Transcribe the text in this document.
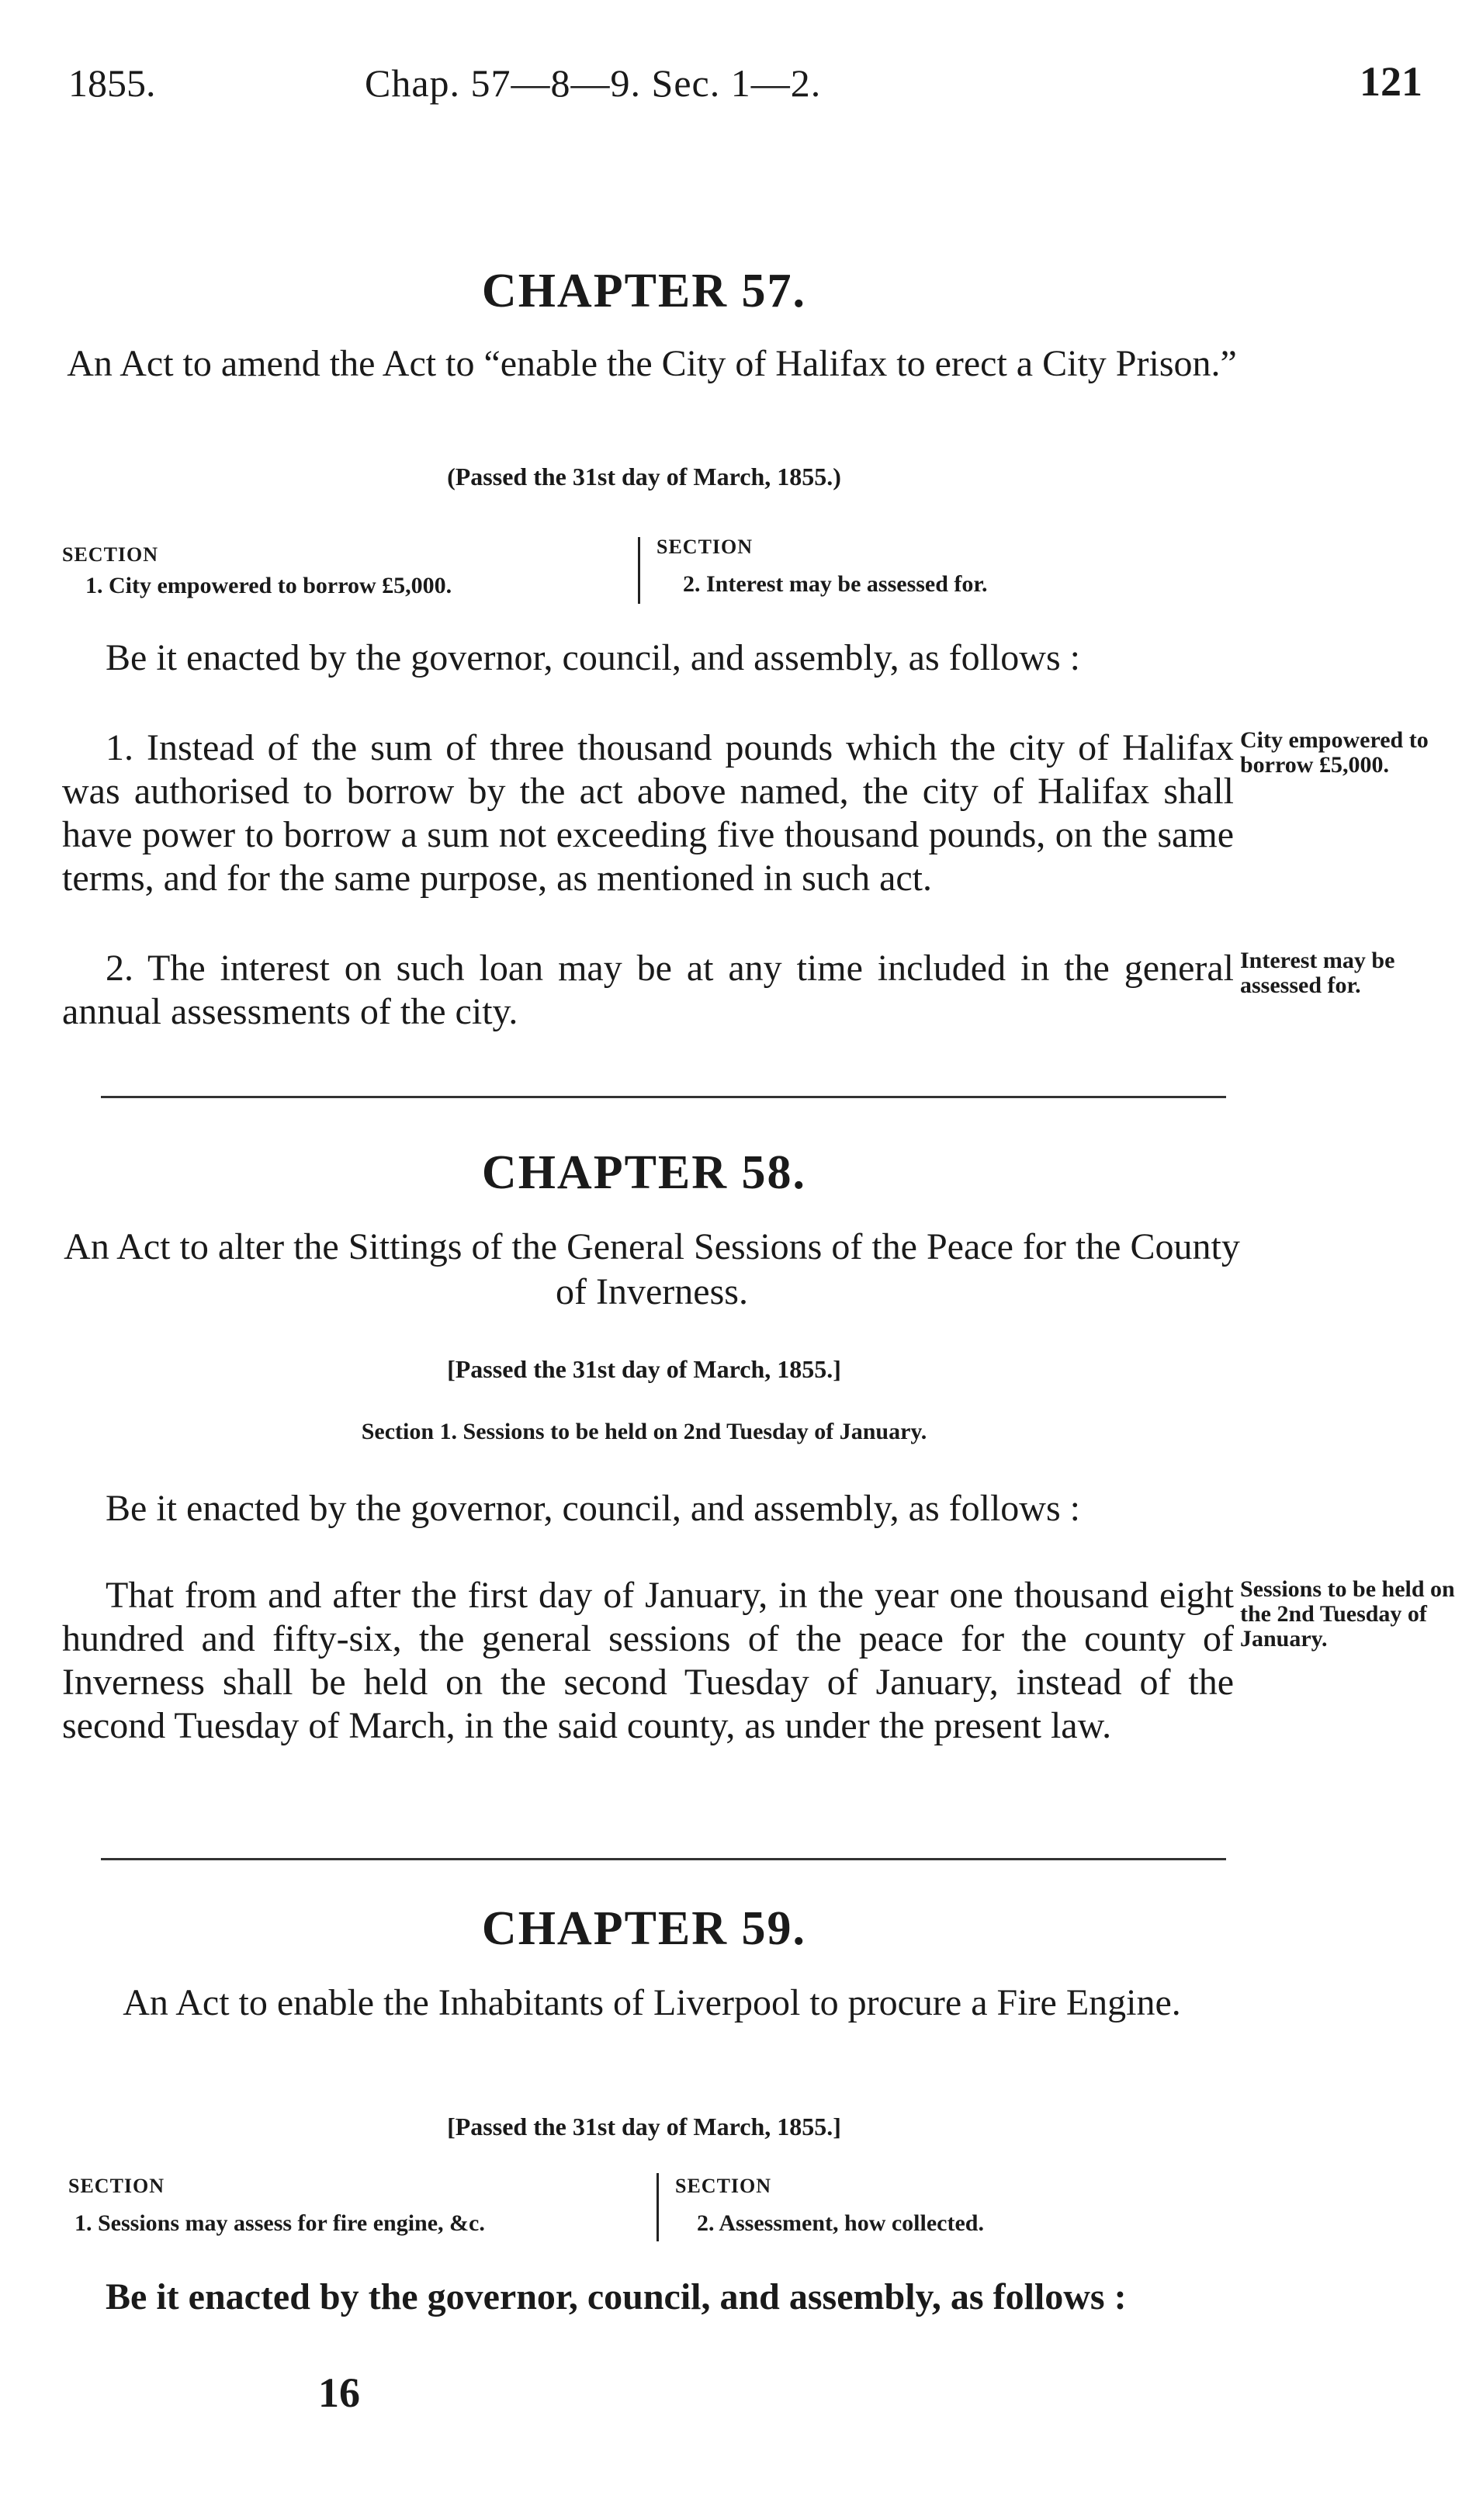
1855.	Chap. 57—8—9. Sec. 1—2.	121
CHAPTER 57.
An Act to amend the Act to “enable the City of Halifax to erect a City Prison.”
(Passed the 31st day of March, 1855.)
SECTION
1. City empowered to borrow £5,000.
SECTION
2. Interest may be assessed for.
Be it enacted by the governor, council, and assembly, as follows :
1. Instead of the sum of three thousand pounds which the city of Halifax was authorised to borrow by the act above named, the city of Halifax shall have power to borrow a sum not exceeding five thousand pounds, on the same terms, and for the same purpose, as mentioned in such act.
2. The interest on such loan may be at any time included in the general annual assessments of the city.
City empowered to borrow £5,000.
Interest may be assessed for.
CHAPTER 58.
An Act to alter the Sittings of the General Sessions of the Peace for the County of Inverness.
[Passed the 31st day of March, 1855.]
Section 1. Sessions to be held on 2nd Tuesday of January.
Be it enacted by the governor, council, and assembly, as follows :
That from and after the first day of January, in the year one thousand eight hundred and fifty-six, the general sessions of the peace for the county of Inverness shall be held on the second Tuesday of January, instead of the second Tuesday of March, in the said county, as under the present law.
Sessions to be held on the 2nd Tuesday of January.
CHAPTER 59.
An Act to enable the Inhabitants of Liverpool to procure a Fire Engine.
[Passed the 31st day of March, 1855.]
SECTION
1. Sessions may assess for fire engine, &c.
SECTION
2. Assessment, how collected.
Be it enacted by the governor, council, and assembly, as follows :
16
